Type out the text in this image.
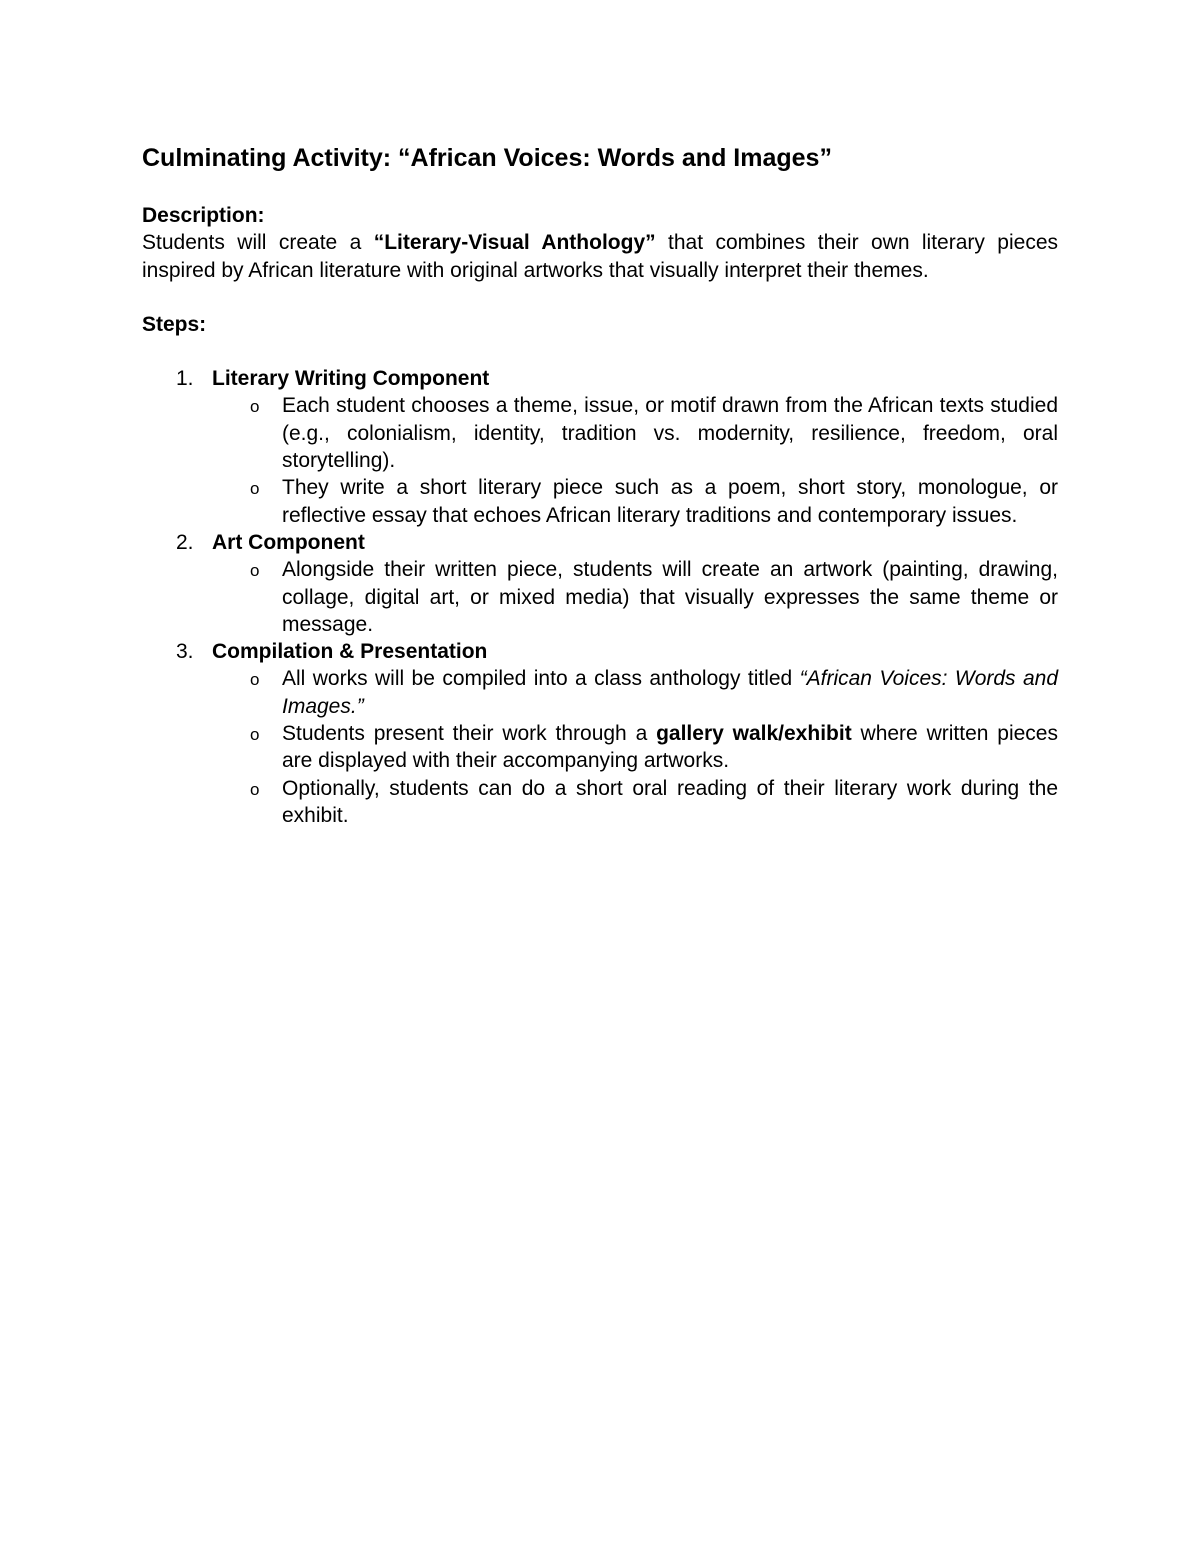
Culminating Activity: “African Voices: Words and Images”
Description:

Students will create a “Literary-Visual Anthology” that combines their own literary pieces inspired by African literature with original artworks that visually interpret their themes.

Steps:
1. Literary Writing Component
o Each student chooses a theme, issue, or motif drawn from the African texts studied (e.g., colonialism, identity, tradition vs. modernity, resilience, freedom, oral storytelling).
o They write a short literary piece such as a poem, short story, monologue, or reflective essay that echoes African literary traditions and contemporary issues.
2. Art Component
o Alongside their written piece, students will create an artwork (painting, drawing, collage, digital art, or mixed media) that visually expresses the same theme or message.
3. Compilation & Presentation
o All works will be compiled into a class anthology titled “African Voices: Words and Images.”
o Students present their work through a gallery walk/exhibit where written pieces are displayed with their accompanying artworks.
o Optionally, students can do a short oral reading of their literary work during the exhibit.
